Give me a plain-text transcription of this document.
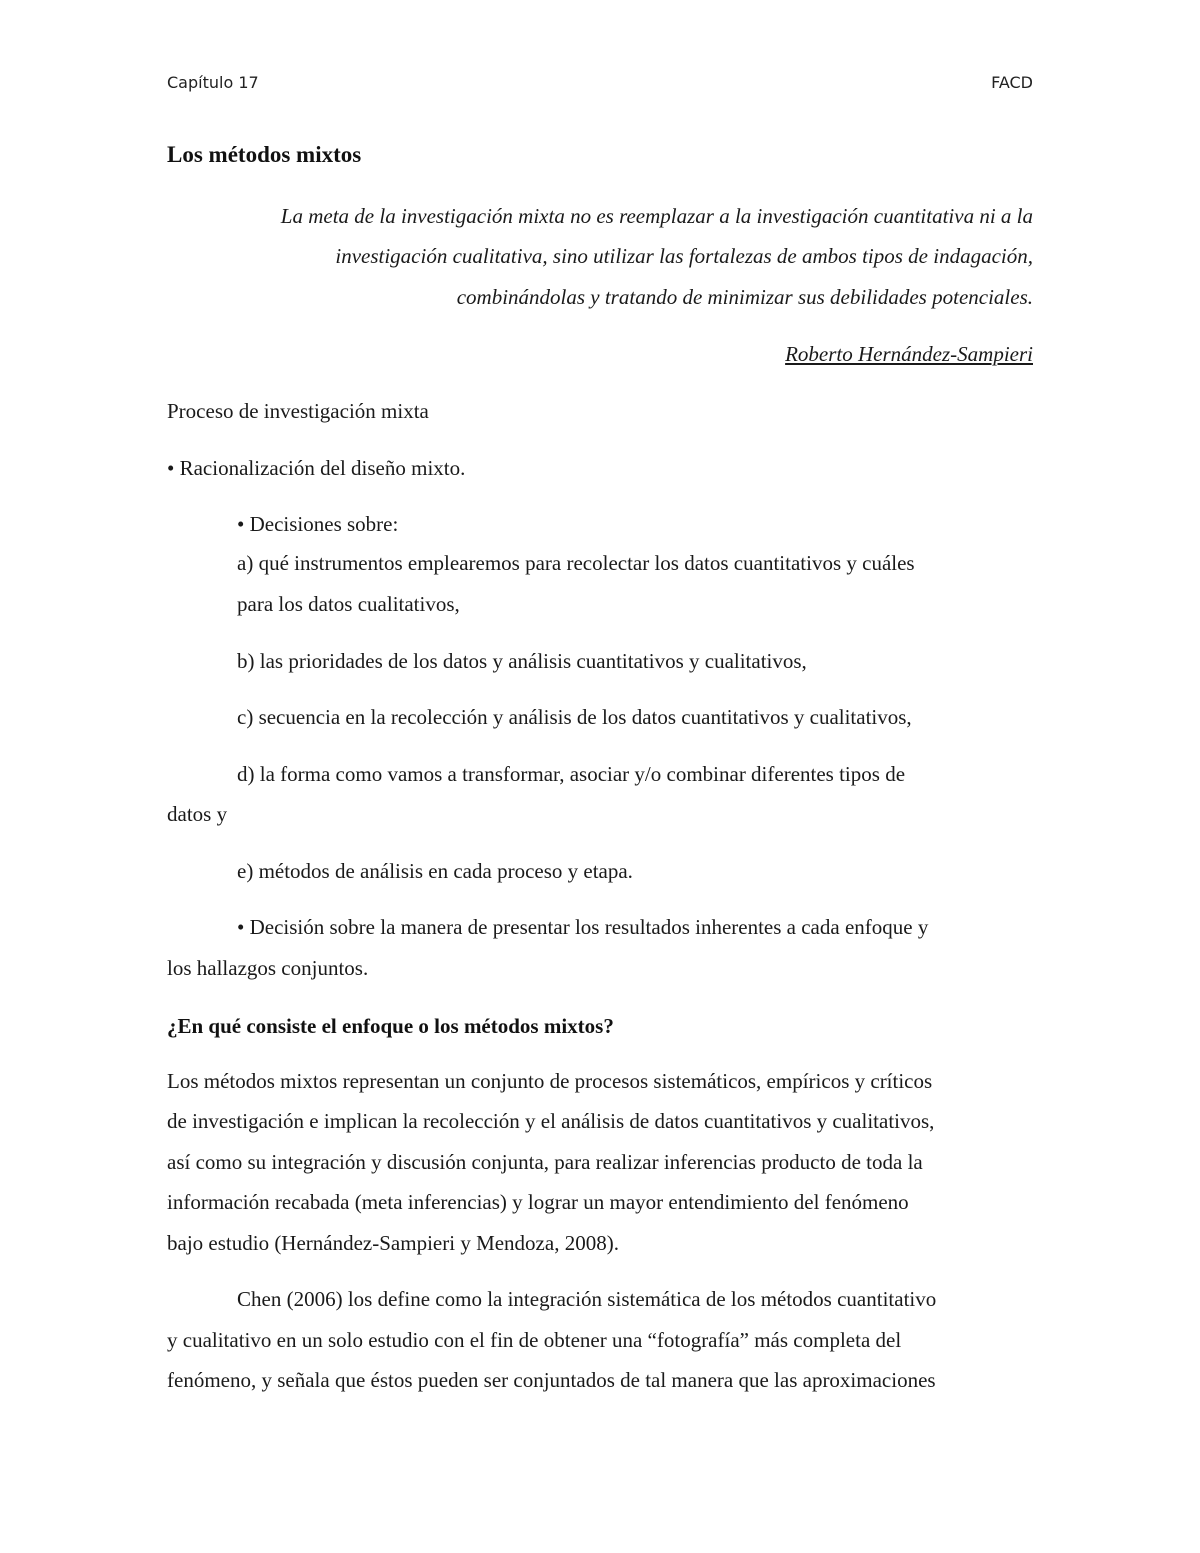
Capítulo 17	FACD
Los métodos mixtos
La meta de la investigación mixta no es reemplazar a la investigación cuantitativa ni a la
investigación cualitativa, sino utilizar las fortalezas de ambos tipos de indagación,
combinándolas y tratando de minimizar sus debilidades potenciales.
Roberto Hernández-Sampieri
Proceso de investigación mixta
• Racionalización del diseño mixto.
• Decisiones sobre:
a) qué instrumentos emplearemos para recolectar los datos cuantitativos y cuáles
para los datos cualitativos,
b) las prioridades de los datos y análisis cuantitativos y cualitativos,
c) secuencia en la recolección y análisis de los datos cuantitativos y cualitativos,
d) la forma como vamos a transformar, asociar y/o combinar diferentes tipos de
datos y
e) métodos de análisis en cada proceso y etapa.
• Decisión sobre la manera de presentar los resultados inherentes a cada enfoque y
los hallazgos conjuntos.
¿En qué consiste el enfoque o los métodos mixtos?
Los métodos mixtos representan un conjunto de procesos sistemáticos, empíricos y críticos
de investigación e implican la recolección y el análisis de datos cuantitativos y cualitativos,
así como su integración y discusión conjunta, para realizar inferencias producto de toda la
información recabada (meta inferencias) y lograr un mayor entendimiento del fenómeno
bajo estudio (Hernández-Sampieri y Mendoza, 2008).
Chen (2006) los define como la integración sistemática de los métodos cuantitativo
y cualitativo en un solo estudio con el fin de obtener una “fotografía” más completa del
fenómeno, y señala que éstos pueden ser conjuntados de tal manera que las aproximaciones
